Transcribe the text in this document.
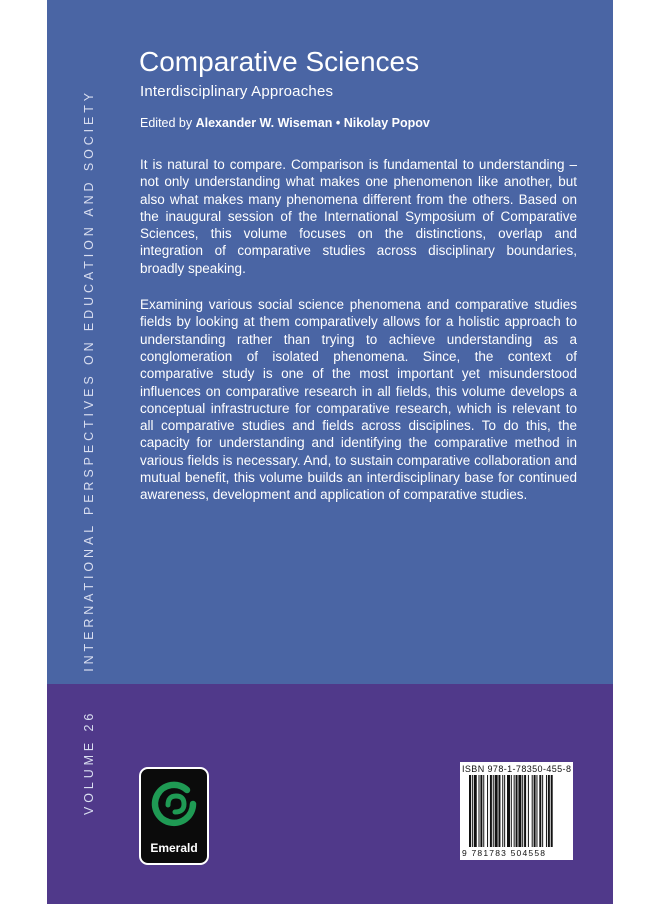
VOLUME 26INTERNATIONAL PERSPECTIVES ON EDUCATION AND SOCIETY
Comparative Sciences
Interdisciplinary Approaches
Edited by Alexander W. Wiseman • Nikolay Popov

It is natural to compare. Comparison is fundamental to understanding – not only understanding what makes one phenomenon like another, but also what makes many phenomena different from the others. Based on the inaugural session of the International Symposium of Comparative Sciences, this volume focuses on the distinctions, overlap and integration of comparative studies across disciplinary boundaries, broadly speaking.

Examining various social science phenomena and comparative studies fields by looking at them comparatively allows for a holistic approach to understanding rather than trying to achieve understanding as a conglomeration of isolated phenomena. Since, the context of comparative study is one of the most important yet misunderstood influences on comparative research in all fields, this volume develops a conceptual infrastructure for comparative research, which is relevant to all comparative studies and fields across disciplines. To do this, the capacity for understanding and identifying the comparative method in various fields is necessary. And, to sustain comparative collaboration and mutual benefit, this volume builds an interdisciplinary base for continued awareness, development and application of comparative studies.

Emerald
ISBN 978-1-78350-455-8
9 781783 504558
